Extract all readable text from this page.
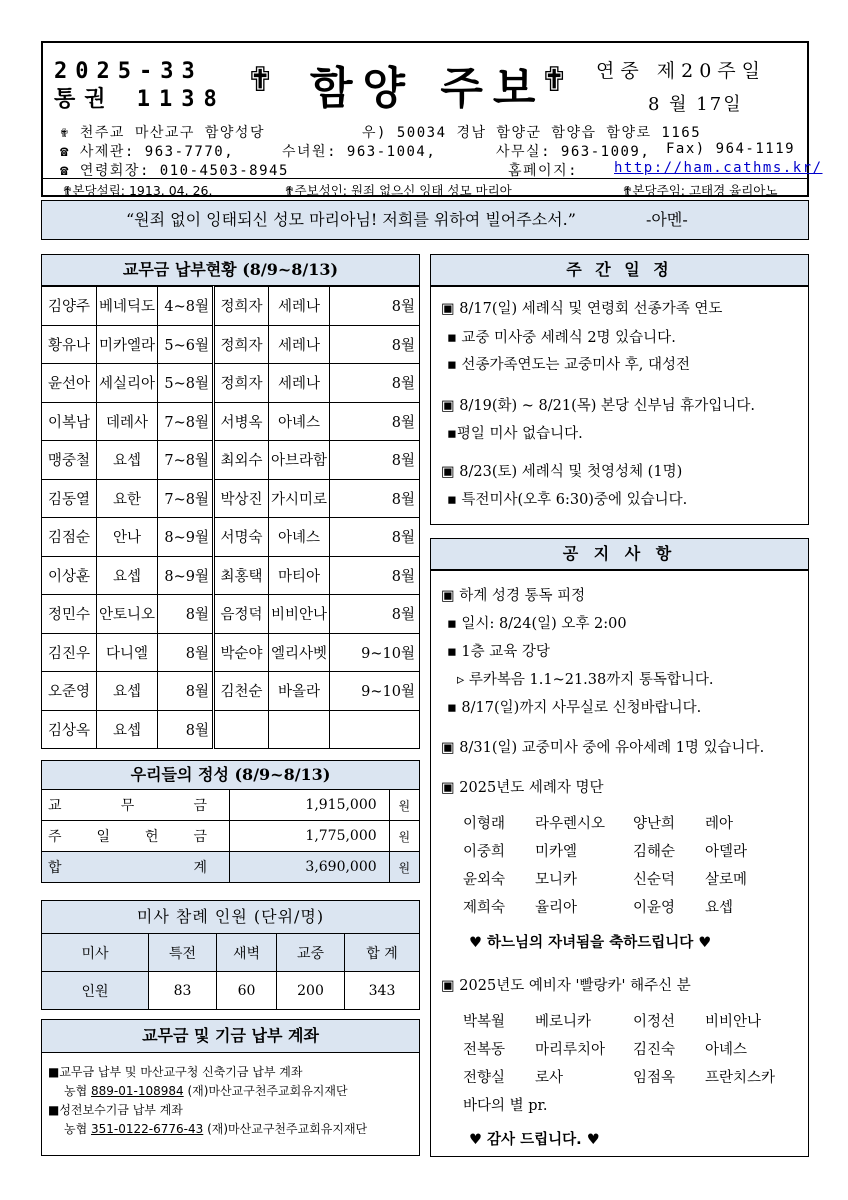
2025-33
통권 1138 ✟ 함양 주보
✟ 연중 제20주일
8 월 17일
✟ 천주교 마산교구 함양성당	우) 50034 경남 함양군 함양읍 함양로 1165
☎ 사제관: 963-7770,	수녀원: 963-1004,	사무실: 963-1009, Fax) 964-1119
☎ 연령회장: 010-4503-8945	홈페이지:	http://ham.cathms.kr/
✟본당설립: 1913. 04. 26.	✟주보성인: 원죄 없으신 잉태 성모 마리아	✟본당주임: 고태경 율리아노
“원죄 없이 잉태되신 성모 마리아님! 저희를 위하여 빌어주소서.”	-아멘-
교무금 납부현황 (8/9~8/13)
김양주	베네딕도	4~8월	정희자	세레나	8월
황유나	미카엘라	5~6월	정희자	세레나	8월
윤선아	세실리아	5~8월	정희자	세레나	8월
이복남	데레사	7~8월	서병옥	아녜스	8월
맹중철	요셉	7~8월	최외수	아브라함	8월
김동열	요한	7~8월	박상진	가시미로	8월
김점순	안나	8~9월	서명숙	아녜스	8월
이상훈	요셉	8~9월	최홍택	마티아	8월
정민수	안토니오	8월	음정덕	비비안나	8월
김진우	다니엘	8월	박순야	엘리사벳	9~10월
오준영	요셉	8월	김천순	바올라	9~10월
김상옥	요셉	8월			
우리들의 정성 (8/9~8/13)
교 무 금	1,915,000	원

주 일 헌 금	1,775,000	원

합 계	3,690,000	원
미사 참례 인원 (단위/명)
미사	특전	새벽	교중	합 계
인원	83	60	200	343
교무금 및 기금 납부 계좌
■교무금 납부 및 마산교구청 신축기금 납부 계좌
농협 889-01-108984 (재)마산교구천주교회유지재단
■성전보수기금 납부 계좌
농협 351-0122-6776-43 (재)마산교구천주교회유지재단
주 간 일 정
▣ 8/17(일) 세례식 및 연령회 선종가족 연도
▪ 교중 미사중 세례식 2명 있습니다.
▪ 선종가족연도는 교중미사 후, 대성전
▣ 8/19(화) ~ 8/21(목) 본당 신부님 휴가입니다.
▪평일 미사 없습니다.
▣ 8/23(토) 세례식 및 첫영성체 (1명)
▪ 특전미사(오후 6:30)중에 있습니다.
공 지 사 항
▣ 하계 성경 통독 피정
▪ 일시: 8/24(일) 오후 2:00
▪ 1층 교육 강당
▹ 루카복음 1.1~21.38까지 통독합니다.
▪ 8/17(일)까지 사무실로 신청바랍니다.
▣ 8/31(일) 교중미사 중에 유아세례 1명 있습니다.
▣ 2025년도 세례자 명단
이형래 라우렌시오 양난희 레아
이중희 미카엘	김해순 아델라
윤외숙 모니카	신순덕 살로메
제희숙 율리아	이윤영 요셉
♥ 하느님의 자녀됨을 축하드립니다 ♥
▣ 2025년도 예비자 '빨랑카' 해주신 분
박복월 베로니카	이정선 비비안나
전복동 마리루치아 김진숙 아녜스
전향실 로사	임점옥 프란치스카
바다의 별 pr.
♥ 감사 드립니다. ♥
